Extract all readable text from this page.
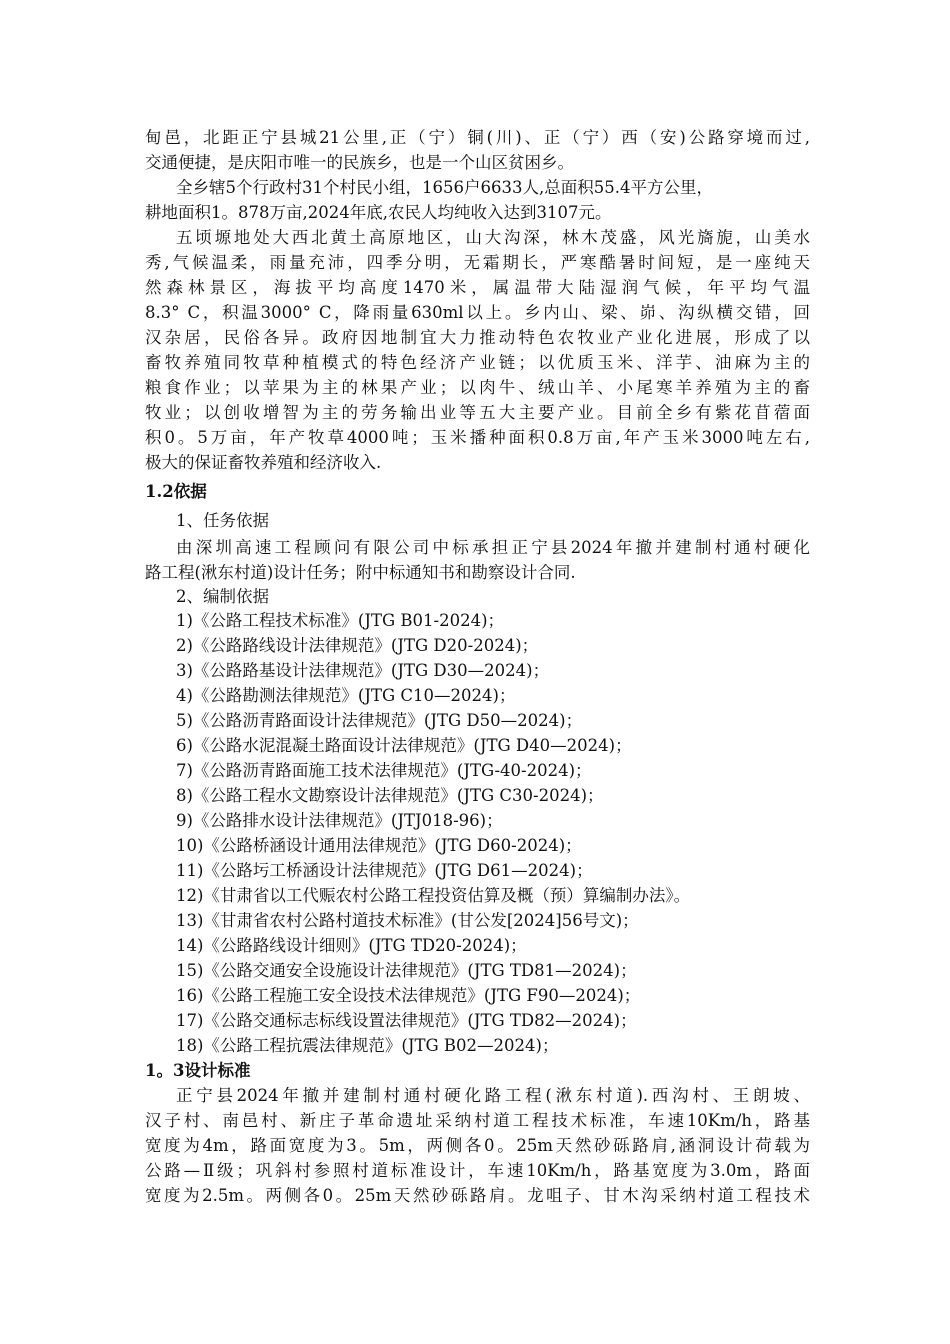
甸邑，北距正宁县城21公里,正（宁）铜(川)、正（宁）西（安)公路穿境而过,
交通便捷，是庆阳市唯一的民族乡，也是一个山区贫困乡。
全乡辖5个行政村31个村民小组，1656户6633人,总面积55.4平方公里，
耕地面积1。878万亩,2024年底,农民人均纯收入达到3107元。
五顷塬地处大西北黄土高原地区，山大沟深，林木茂盛，风光旖旎，山美水
秀,气候温柔，雨量充沛，四季分明，无霜期长，严寒酷暑时间短，是一座纯天
然森林景区，海拔平均高度1470米，属温带大陆湿润气候，年平均气温
8.3° C，积温3000° C，降雨量630ml以上。乡内山、梁、峁、沟纵横交错，回
汉杂居，民俗各异。政府因地制宜大力推动特色农牧业产业化进展，形成了以
畜牧养殖同牧草种植模式的特色经济产业链；以优质玉米、洋芋、油麻为主的
粮食作业；以苹果为主的林果产业；以肉牛、绒山羊、小尾寒羊养殖为主的畜
牧业；以创收增智为主的劳务输出业等五大主要产业。目前全乡有紫花苜蓿面
积0。5万亩，年产牧草4000吨；玉米播种面积0.8万亩,年产玉米3000吨左右,
极大的保证畜牧养殖和经济收入.
1.2依据
1、任务依据
由深圳高速工程顾问有限公司中标承担正宁县2024年撤并建制村通村硬化
路工程(湫东村道)设计任务；附中标通知书和勘察设计合同.
2、编制依据
1)《公路工程技术标准》(JTG B01-2024)；
2)《公路路线设计法律规范》(JTG D20-2024)；
3)《公路路基设计法律规范》(JTG D30—2024)；
4)《公路勘测法律规范》(JTG C10—2024)；
5)《公路沥青路面设计法律规范》(JTG D50—2024)；
6)《公路水泥混凝土路面设计法律规范》(JTG D40—2024)；
7)《公路沥青路面施工技术法律规范》(JTG-40-2024)；
8)《公路工程水文勘察设计法律规范》(JTG C30-2024)；
9)《公路排水设计法律规范》(JTJ018-96)；
10)《公路桥涵设计通用法律规范》(JTG D60-2024)；
11)《公路圬工桥涵设计法律规范》(JTG D61—2024)；
12)《甘肃省以工代赈农村公路工程投资估算及概（预）算编制办法》。
13)《甘肃省农村公路村道技术标准》(甘公发[2024]56号文)；
14)《公路路线设计细则》(JTG TD20-2024)；
15)《公路交通安全设施设计法律规范》(JTG TD81—2024)；
16)《公路工程施工安全设技术法律规范》(JTG F90—2024)；
17)《公路交通标志标线设置法律规范》(JTG TD82—2024)；
18)《公路工程抗震法律规范》(JTG B02—2024)；
1。3设计标准
正宁县2024年撤并建制村通村硬化路工程(湫东村道).西沟村、王朗坡、
汉子村、南邑村、新庄子革命遗址采纳村道工程技术标准，车速10Km/h，路基
宽度为4m，路面宽度为3。5m，两侧各0。25m天然砂砾路肩,涵洞设计荷载为
公路—Ⅱ级；巩斜村参照村道标准设计，车速10Km/h，路基宽度为3.0m，路面
宽度为2.5m。两侧各0。25m天然砂砾路肩。龙咀子、甘木沟采纳村道工程技术
